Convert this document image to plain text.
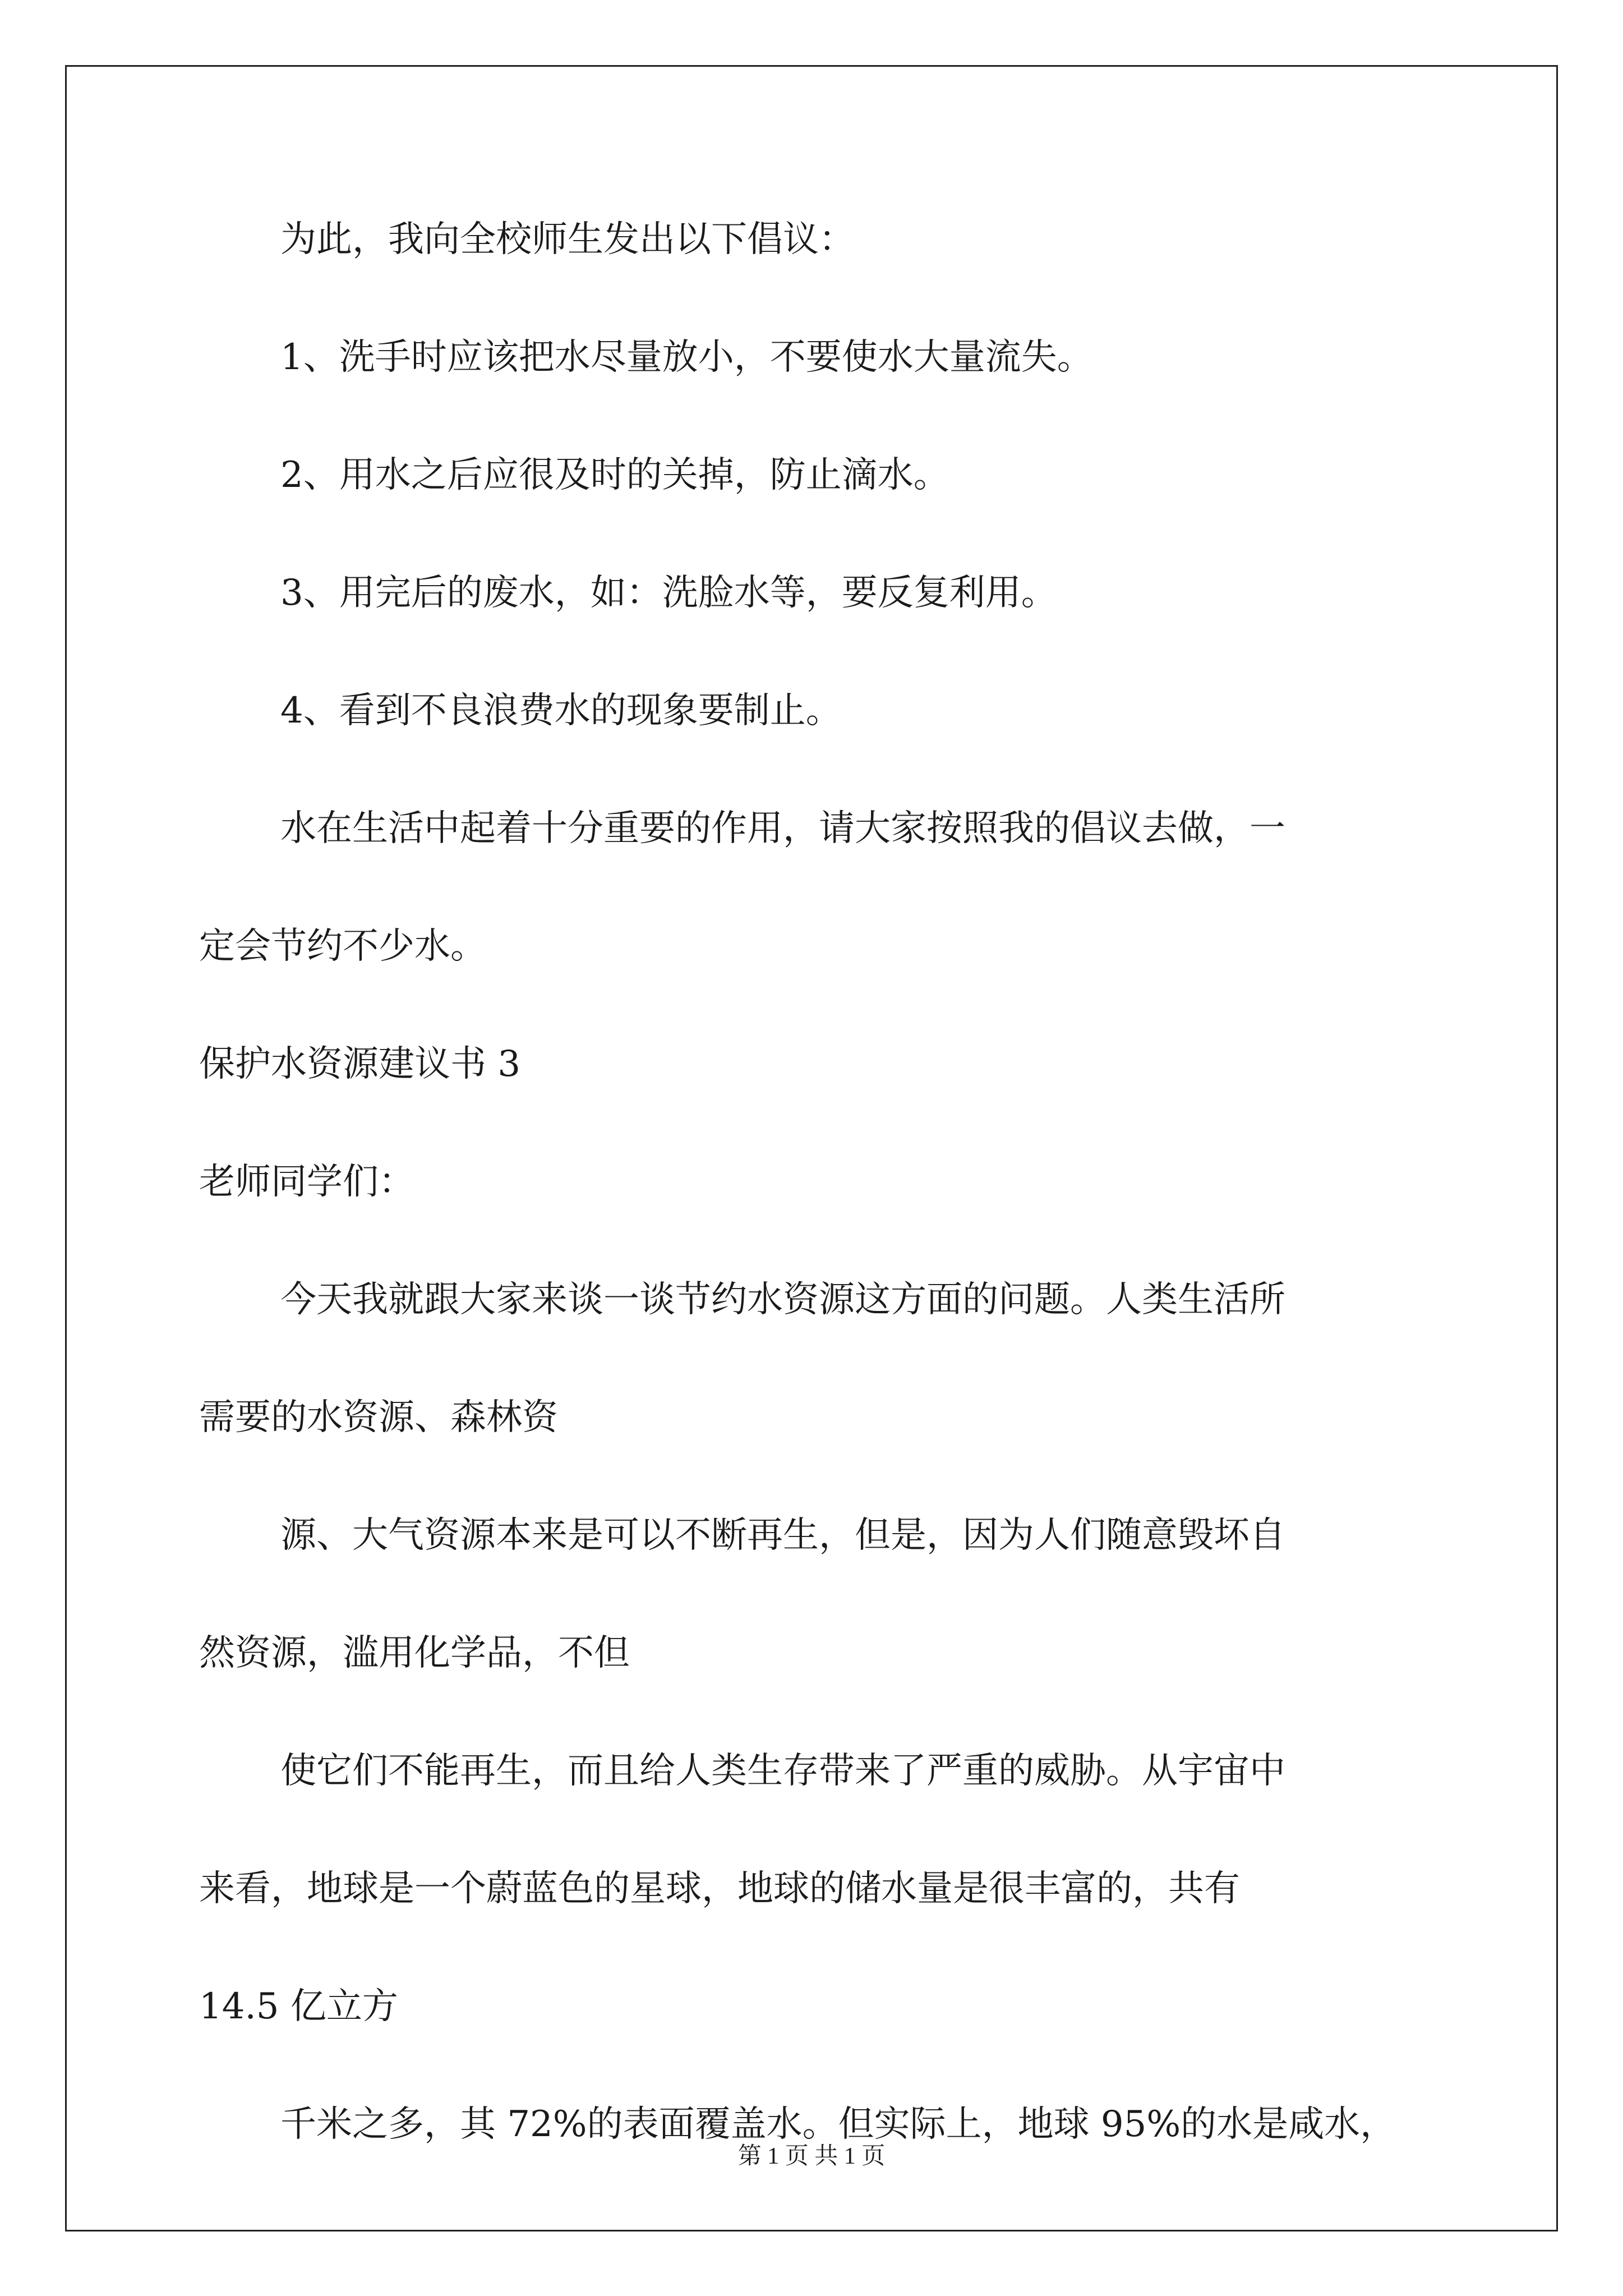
为此，我向全校师生发出以下倡议：

1、洗手时应该把水尽量放小，不要使水大量流失。

2、用水之后应很及时的关掉，防止滴水。

3、用完后的废水，如：洗脸水等，要反复利用。

4、看到不良浪费水的现象要制止。

水在生活中起着十分重要的作用，请大家按照我的倡议去做，一

定会节约不少水。

保护水资源建议书 3

老师同学们：

今天我就跟大家来谈一谈节约水资源这方面的问题。人类生活所

需要的水资源、森林资

源、大气资源本来是可以不断再生，但是，因为人们随意毁坏自

然资源，滥用化学品，不但

使它们不能再生，而且给人类生存带来了严重的威胁。从宇宙中

来看，地球是一个蔚蓝色的星球，地球的储水量是很丰富的，共有

14.5 亿立方

千米之多，其 72%的表面覆盖水。但实际上，地球 95%的水是咸水，

第 1 页 共 1 页
